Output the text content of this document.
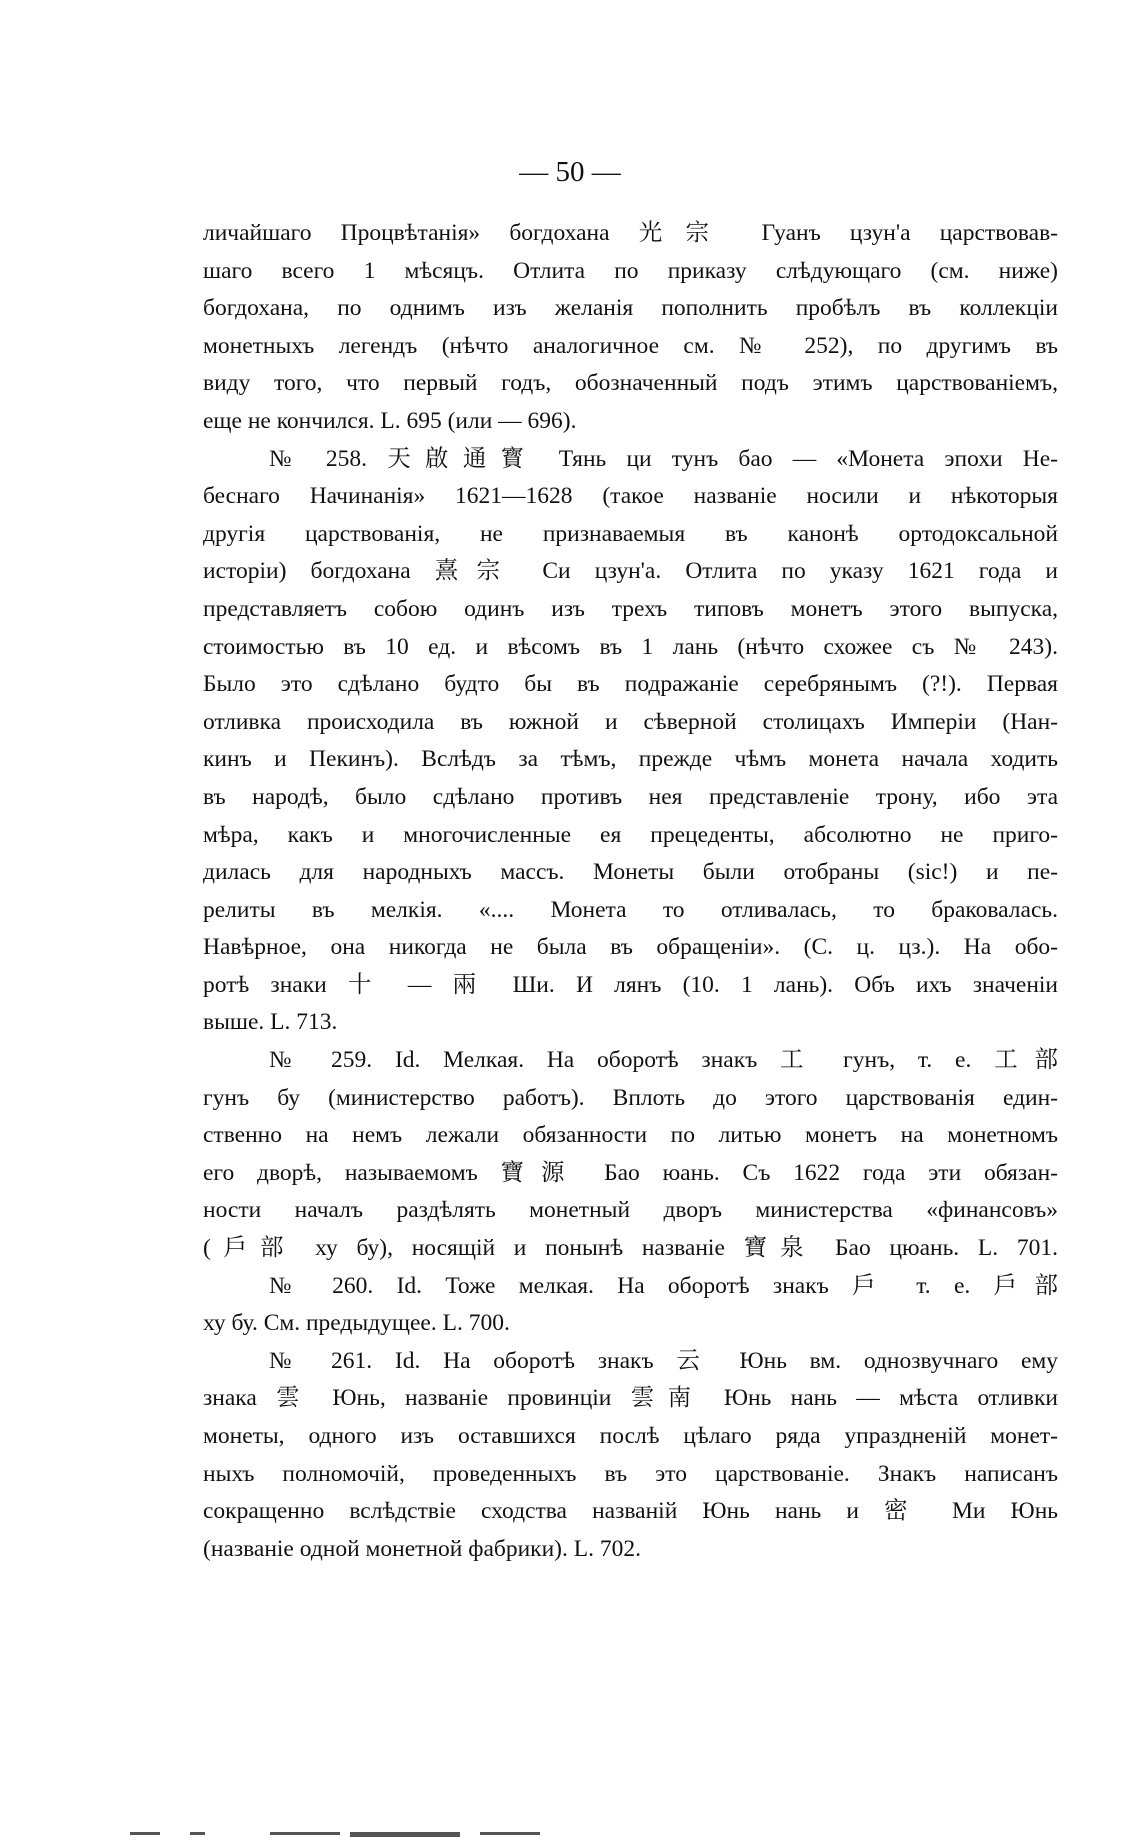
— 50 —
личайшаго Процвѣтанія» богдохана 光宗 Гуанъ цзун'а царствовав-
шаго всего 1 мѣсяцъ. Отлита по приказу слѣдующаго (см. ниже)
богдохана, по однимъ изъ желанія пополнить пробѣлъ въ коллекціи
монетныхъ легендъ (нѣчто аналогичное см. № 252), по другимъ въ
виду того, что первый годъ, обозначенный подъ этимъ царствованіемъ,
еще не кончился. L. 695 (или — 696).
№ 258. 天啟通寳 Тянь ци тунъ бао — «Монета эпохи Не-
беснаго Начинанія» 1621—1628 (такое названіе носили и нѣкоторыя
другія царствованія, не признаваемыя въ канонѣ ортодоксальной
исторіи) богдохана 熹宗 Си цзун'а. Отлита по указу 1621 года и
представляетъ собою одинъ изъ трехъ типовъ монетъ этого выпуска,
стоимостью въ 10 ед. и вѣсомъ въ 1 лань (нѣчто схожее съ № 243).
Было это сдѣлано будто бы въ подражаніе серебрянымъ (?!). Первая
отливка происходила въ южной и сѣверной столицахъ Имперіи (Нан-
кинъ и Пекинъ). Вслѣдъ за тѣмъ, прежде чѣмъ монета начала ходить
въ народѣ, было сдѣлано противъ нея представленіе трону, ибо эта
мѣра, какъ и многочисленные ея прецеденты, абсолютно не приго-
дилась для народныхъ массъ. Монеты были отобраны (sic!) и пе-
релиты въ мелкія. «.... Монета то отливалась, то браковалась.
Навѣрное, она никогда не была въ обращеніи». (С. ц. цз.). На обо-
ротѣ знаки 十 — 兩 Ши. И лянъ (10. 1 лань). Объ ихъ значеніи
выше. L. 713.
№ 259. Id. Мелкая. На оборотѣ знакъ 工 гунъ, т. е. 工部
гунъ бу (министерство работъ). Вплоть до этого царствованія един-
ственно на немъ лежали обязанности по литью монетъ на монетномъ
его дворѣ, называемомъ 寶源 Бао юань. Съ 1622 года эти обязан-
ности началъ раздѣлять монетный дворъ министерства «финансовъ»
(戶部 ху бу), носящій и понынѣ названіе 寶泉 Бао цюань. L. 701.
№ 260. Id. Тоже мелкая. На оборотѣ знакъ 戶 т. е. 戶部
ху бу. См. предыдущее. L. 700.
№ 261. Id. На оборотѣ знакъ 云 Юнь вм. однозвучнаго ему
знака 雲 Юнь, названіе провинціи 雲南 Юнь нань — мѣста отливки
монеты, одного изъ оставшихся послѣ цѣлаго ряда упраздненій монет-
ныхъ полномочій, проведенныхъ въ это царствованіе. Знакъ написанъ
сокращенно вслѣдствіе сходства названій Юнь нань и 密 Ми Юнь
(названіе одной монетной фабрики). L. 702.
